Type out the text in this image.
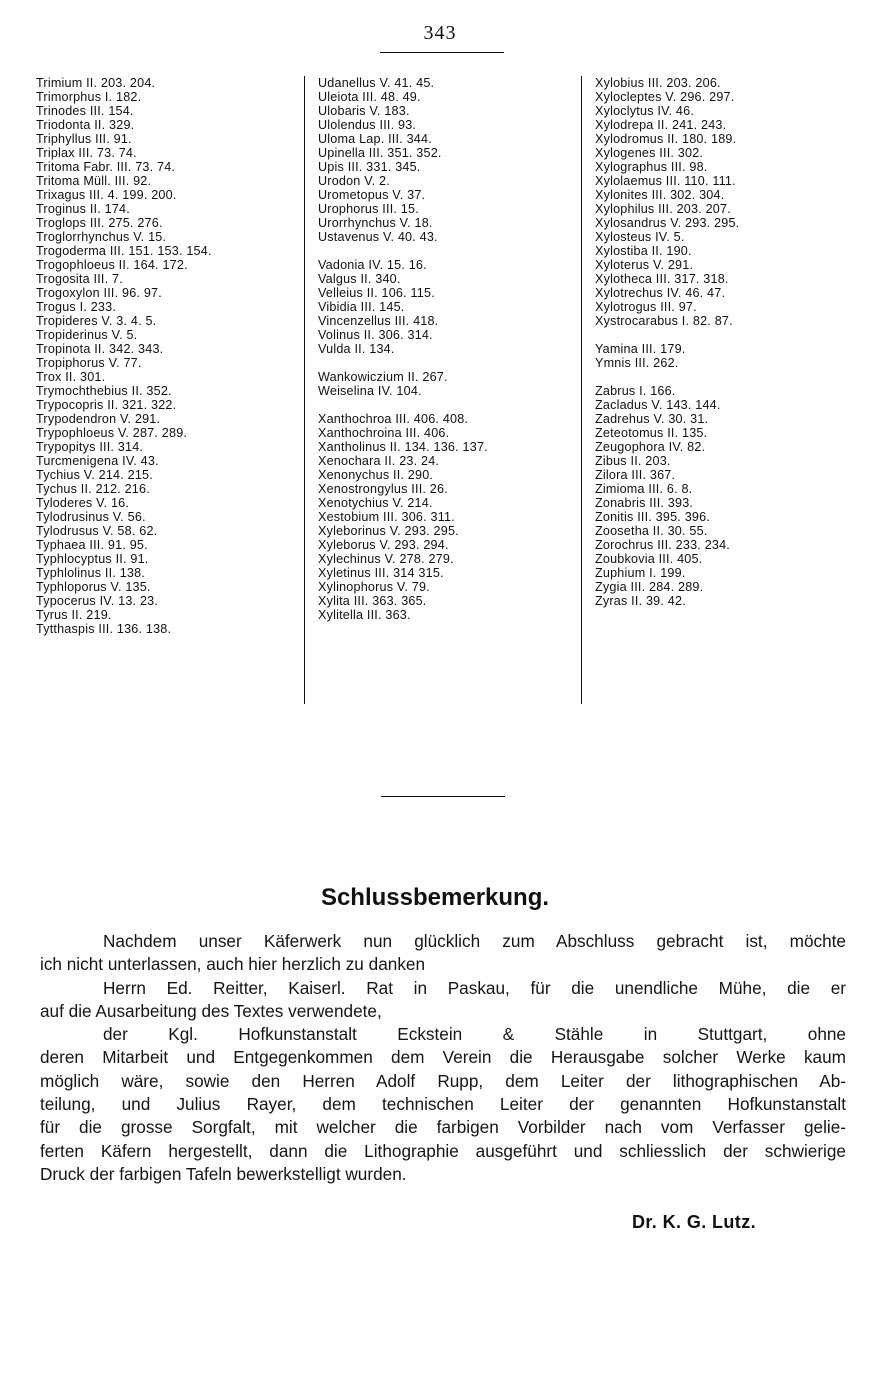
343
Trimium II. 203. 204.
Trimorphus I. 182.
Trinodes III. 154.
Triodonta II. 329.
Triphyllus III. 91.
Triplax III. 73. 74.
Tritoma Fabr. III. 73. 74.
Tritoma Müll. III. 92.
Trixagus III. 4. 199. 200.
Troginus II. 174.
Troglops III. 275. 276.
Troglorrhynchus V. 15.
Trogoderma III. 151. 153. 154.
Trogophloeus II. 164. 172.
Trogosita III. 7.
Trogoxylon III. 96. 97.
Trogus I. 233.
Tropideres V. 3. 4. 5.
Tropiderinus V. 5.
Tropinota II. 342. 343.
Tropiphorus V. 77.
Trox II. 301.
Trymochthebius II. 352.
Trypocopris II. 321. 322.
Trypodendron V. 291.
Trypophloeus V. 287. 289.
Trypopitys III. 314.
Turcmenigena IV. 43.
Tychius V. 214. 215.
Tychus II. 212. 216.
Tyloderes V. 16.
Tylodrusinus V. 56.
Tylodrusus V. 58. 62.
Typhaea III. 91. 95.
Typhlocyptus II. 91.
Typhlolinus II. 138.
Typhloporus V. 135.
Typocerus IV. 13. 23.
Tyrus II. 219.
Tytthaspis III. 136. 138.
Udanellus V. 41. 45.
Uleiota III. 48. 49.
Ulobaris V. 183.
Ulolendus III. 93.
Uloma Lap. III. 344.
Upinella III. 351. 352.
Upis III. 331. 345.
Urodon V. 2.
Urometopus V. 37.
Urophorus III. 15.
Urorrhynchus V. 18.
Ustavenus V. 40. 43.
Vadonia IV. 15. 16.
Valgus II. 340.
Velleius II. 106. 115.
Vibidia III. 145.
Vincenzellus III. 418.
Volinus II. 306. 314.
Vulda II. 134.
Wankowiczium II. 267.
Weiselina IV. 104.
Xanthochroa III. 406. 408.
Xanthochroina III. 406.
Xantholinus II. 134. 136. 137.
Xenochara II. 23. 24.
Xenonychus II. 290.
Xenostrongylus III. 26.
Xenotychius V. 214.
Xestobium III. 306. 311.
Xyleborinus V. 293. 295.
Xyleborus V. 293. 294.
Xylechinus V. 278. 279.
Xyletinus III. 314 315.
Xylinophorus V. 79.
Xylita III. 363. 365.
Xylitella III. 363.
Xylobius III. 203. 206.
Xylocleptes V. 296. 297.
Xyloclytus IV. 46.
Xylodrepa II. 241. 243.
Xylodromus II. 180. 189.
Xylogenes III. 302.
Xylographus III. 98.
Xylolaemus III. 110. 111.
Xylonites III. 302. 304.
Xylophilus III. 203. 207.
Xylosandrus V. 293. 295.
Xylosteus IV. 5.
Xylostiba II. 190.
Xyloterus V. 291.
Xylotheca III. 317. 318.
Xylotrechus IV. 46. 47.
Xylotrogus III. 97.
Xystrocarabus I. 82. 87.
Yamina III. 179.
Ymnis III. 262.
Zabrus I. 166.
Zacladus V. 143. 144.
Zadrehus V. 30. 31.
Zeteotomus II. 135.
Zeugophora IV. 82.
Zibus II. 203.
Zilora III. 367.
Zimioma III. 6. 8.
Zonabris III. 393.
Zonitis III. 395. 396.
Zoosetha II. 30. 55.
Zorochrus III. 233. 234.
Zoubkovia III. 405.
Zuphium I. 199.
Zygia III. 284. 289.
Zyras II. 39. 42.
Schlussbemerkung.
Nachdem unser Käferwerk nun glücklich zum Abschluss gebracht ist, möchte
ich nicht unterlassen, auch hier herzlich zu danken
Herrn Ed. Reitter, Kaiserl. Rat in Paskau, für die unendliche Mühe, die er
auf die Ausarbeitung des Textes verwendete,
der Kgl. Hofkunstanstalt Eckstein & Stähle in Stuttgart, ohne
deren Mitarbeit und Entgegenkommen dem Verein die Herausgabe solcher Werke kaum
möglich wäre, sowie den Herren Adolf Rupp, dem Leiter der lithographischen Ab-
teilung, und Julius Rayer, dem technischen Leiter der genannten Hofkunstanstalt
für die grosse Sorgfalt, mit welcher die farbigen Vorbilder nach vom Verfasser gelie-
ferten Käfern hergestellt, dann die Lithographie ausgeführt und schliesslich der schwierige
Druck der farbigen Tafeln bewerkstelligt wurden.
Dr. K. G. Lutz.
